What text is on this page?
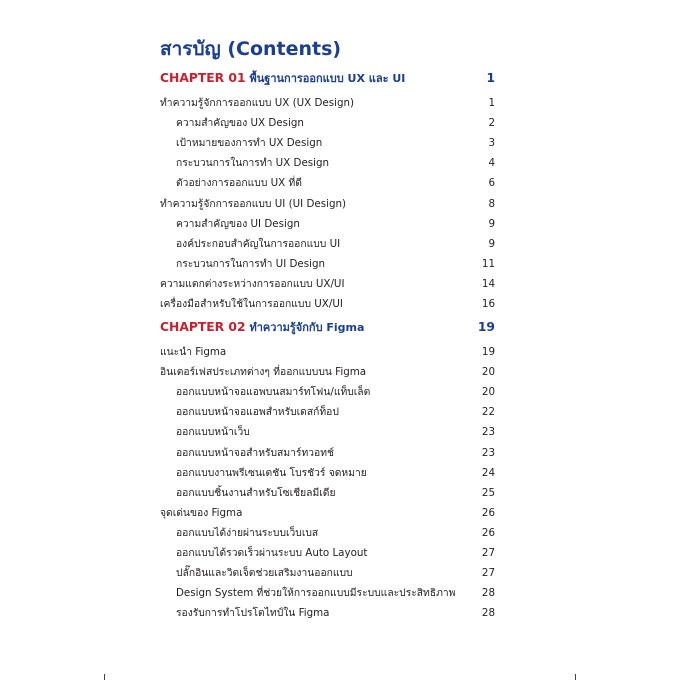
สารบัญ (Contents)
CHAPTER 01 พื้นฐานการออกแบบ UX และ UI	1
ทำความรู้จักการออกแบบ UX (UX Design)	1
ความสำคัญของ UX Design	2
เป้าหมายของการทำ UX Design	3
กระบวนการในการทำ UX Design	4
ตัวอย่างการออกแบบ UX ที่ดี	6
ทำความรู้จักการออกแบบ UI (UI Design)	8
ความสำคัญของ UI Design	9
องค์ประกอบสำคัญในการออกแบบ UI	9
กระบวนการในการทำ UI Design	11
ความแตกต่างระหว่างการออกแบบ UX/UI	14
เครื่องมือสำหรับใช้ในการออกแบบ UX/UI	16
CHAPTER 02 ทำความรู้จักกับ Figma	19
แนะนำ Figma	19
อินเตอร์เฟสประเภทต่างๆ ที่ออกแบบบน Figma	20
ออกแบบหน้าจอแอพบนสมาร์ทโฟน/แท็บเล็ต	20
ออกแบบหน้าจอแอพสำหรับเดสก์ท็อป	22
ออกแบบหน้าเว็บ	23
ออกแบบหน้าจอสำหรับสมาร์ทวอทช์	23
ออกแบบงานพรีเซนเตชัน โบรชัวร์ จดหมาย	24
ออกแบบชิ้นงานสำหรับโซเชียลมีเดีย	25
จุดเด่นของ Figma	26
ออกแบบได้ง่ายผ่านระบบเว็บเบส	26
ออกแบบได้รวดเร็วผ่านระบบ Auto Layout	27
ปลั๊กอินและวิดเจ็ตช่วยเสริมงานออกแบบ	27
Design System ที่ช่วยให้การออกแบบมีระบบและประสิทธิภาพ	28
รองรับการทำโปรโตไทป์ใน Figma	28
